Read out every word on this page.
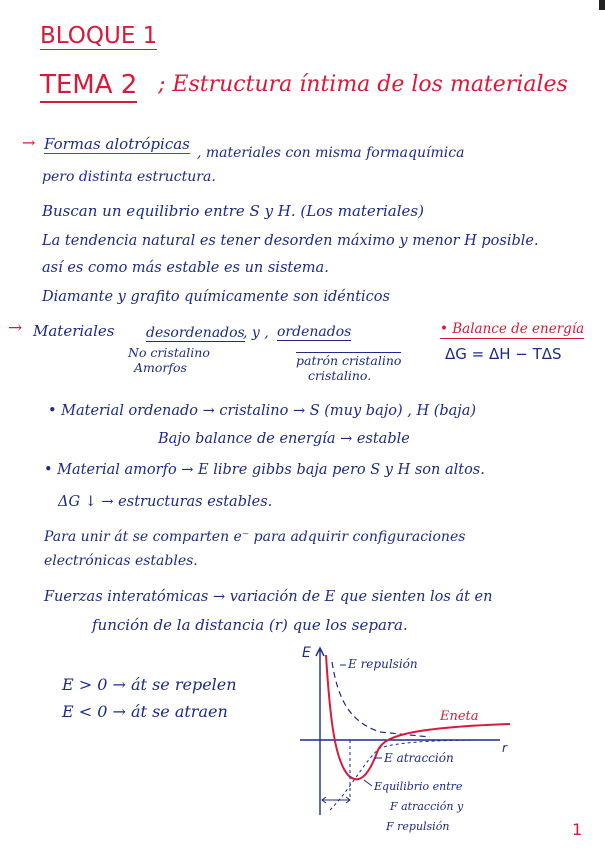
BLOQUE 1
TEMA 2 ; Estructura íntima de los materiales
→ Formas alotrópicas , materiales con misma formaquímica
pero distinta estructura.
Buscan un equilibrio entre S y H. (Los materiales)
La tendencia natural es tener desorden máximo y menor H posible.
así es como más estable es un sistema.
Diamante y grafito químicamente son idénticos
→ Materiales desordenados
, y , ordenados
No cristalino
Amorfos	patrón cristalino
cristalino.
• Balance de energía
ΔG = ΔH − TΔS
• Material ordenado → cristalino → S (muy bajo) , H (baja)
Bajo balance de energía → estable
• Material amorfo → E libre gibbs baja pero S y H son altos.
ΔG ↓ → estructuras estables.
Para unir át se comparten e⁻ para adquirir configuraciones
electrónicas estables.
Fuerzas interatómicas → variación de E que sienten los át en
función de la distancia (r) que los separa.
E > 0 → át se repelen
E < 0 → át se atraen
E
r
E repulsión
Eneta
E atracción
Equilibrio entre
F atracción y
F repulsión	1
